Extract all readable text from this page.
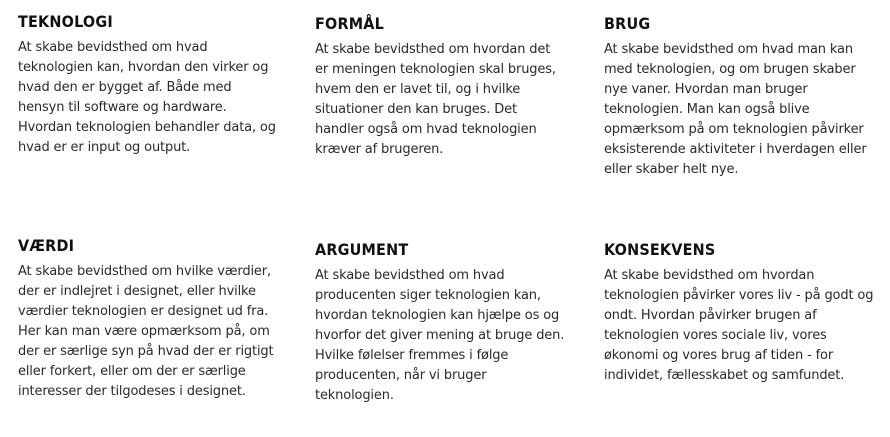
TEKNOLOGI

At skabe bevidsthed om hvad teknologien kan, hvordan den virker og hvad den er bygget af. Både med hensyn til software og hardware. Hvordan teknologien behandler data, og hvad er er input og output.

FORMÅL

At skabe bevidsthed om hvordan det er meningen teknologien skal bruges, hvem den er lavet til, og i hvilke situationer den kan bruges. Det handler også om hvad teknologien kræver af brugeren.

BRUG

At skabe bevidsthed om hvad man kan med teknologien, og om brugen skaber nye vaner. Hvordan man bruger teknologien. Man kan også blive opmærksom på om teknologien påvirker eksisterende aktiviteter i hverdagen eller eller skaber helt nye.

VÆRDI

At skabe bevidsthed om hvilke værdier, der er indlejret i designet, eller hvilke værdier teknologien er designet ud fra. Her kan man være opmærksom på, om der er særlige syn på hvad der er rigtigt eller forkert, eller om der er særlige interesser der tilgodeses i designet.

ARGUMENT

At skabe bevidsthed om hvad producenten siger teknologien kan, hvordan teknologien kan hjælpe os og hvorfor det giver mening at bruge den. Hvilke følelser fremmes i følge producenten, når vi bruger teknologien.

KONSEKVENS

At skabe bevidsthed om hvordan teknologien påvirker vores liv - på godt og ondt. Hvordan påvirker brugen af teknologien vores sociale liv, vores økonomi og vores brug af tiden - for individet, fællesskabet og samfundet.
